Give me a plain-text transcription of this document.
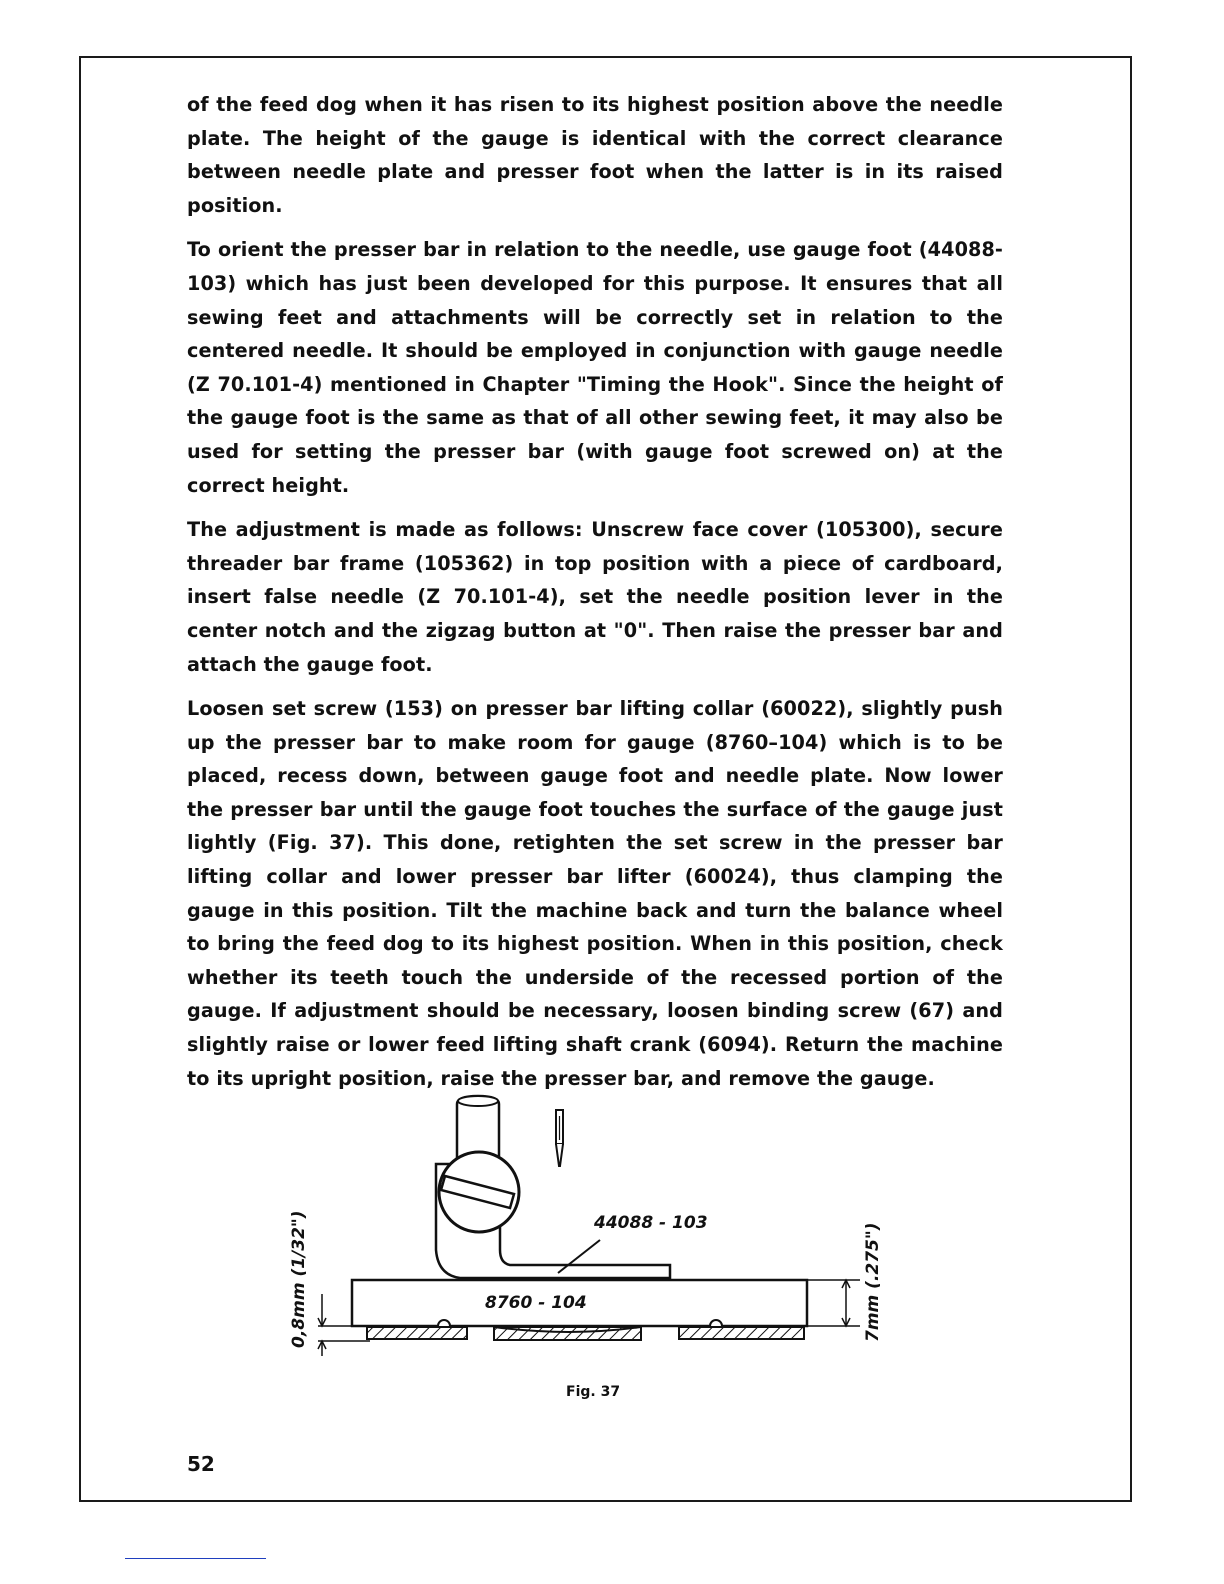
of the feed dog when it has risen to its highest position above the needle plate. The height of the gauge is identical with the correct clearance between needle plate and presser foot when the latter is in its raised position.

To orient the presser bar in relation to the needle, use gauge foot (44088-103) which has just been developed for this purpose. It ensures that all sewing feet and attachments will be correctly set in relation to the centered needle. It should be employed in conjunction with gauge needle (Z 70.101-4) mentioned in Chapter "Timing the Hook". Since the height of the gauge foot is the same as that of all other sewing feet, it may also be used for setting the presser bar (with gauge foot screwed on) at the correct height.

The adjustment is made as follows: Unscrew face cover (105300), secure threader bar frame (105362) in top position with a piece of cardboard, insert false needle (Z 70.101-4), set the needle position lever in the center notch and the zigzag button at "0". Then raise the presser bar and attach the gauge foot.

Loosen set screw (153) on presser bar lifting collar (60022), slightly push up the presser bar to make room for gauge (8760–104) which is to be placed, recess down, between gauge foot and needle plate. Now lower the presser bar until the gauge foot touches the surface of the gauge just lightly (Fig. 37). This done, retighten the set screw in the presser bar lifting collar and lower presser bar lifter (60024), thus clamping the gauge in this position. Tilt the machine back and turn the balance wheel to bring the feed dog to its highest position. When in this position, check whether its teeth touch the underside of the recessed portion of the gauge. If adjustment should be necessary, loosen binding screw (67) and slightly raise or lower feed lifting shaft crank (6094). Return the machine to its upright position, raise the presser bar, and remove the gauge.

44088 - 103
8760 - 104
0,8mm (1/32")	7mm (.275")
Fig. 37
52
